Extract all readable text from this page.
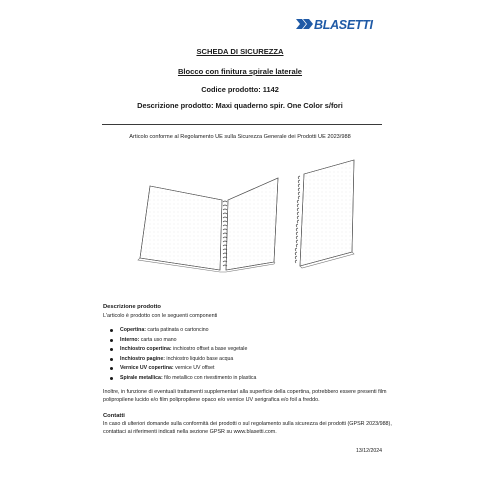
BLASETTI
SCHEDA DI SICUREZZA
Blocco con finitura spirale laterale
Codice prodotto: 1142
Descrizione prodotto: Maxi quaderno spir. One Color s/fori
Articolo conforme al Regolamento UE sulla Sicurezza Generale dei Prodotti UE 2023/988
Descrizione prodotto
L'articolo è prodotto con le seguenti componenti
Copertina: carta patinata o cartoncino
Interno: carta uso mano
Inchiostro copertina: inchiostro offset a base vegetale
Inchiostro pagine: inchiostro liquido base acqua
Vernice UV copertina: vernice UV offset
Spirale metallica: filo metallico con rivestimento in plastica
Inoltre, in funzione di eventuali trattamenti supplementari alla superficie della copertina, potrebbero essere presenti film polipropilene lucido e/o film polipropilene opaco e/o vernice UV serigrafica e/o foil a freddo.
Contatti
In caso di ulteriori domande sulla conformità dei prodotti o sul regolamento sulla sicurezza dei prodotti (GPSR 2023/988), contattaci ai riferimenti indicati nella sezione GPSR su www.blasetti.com.
13/12/2024
